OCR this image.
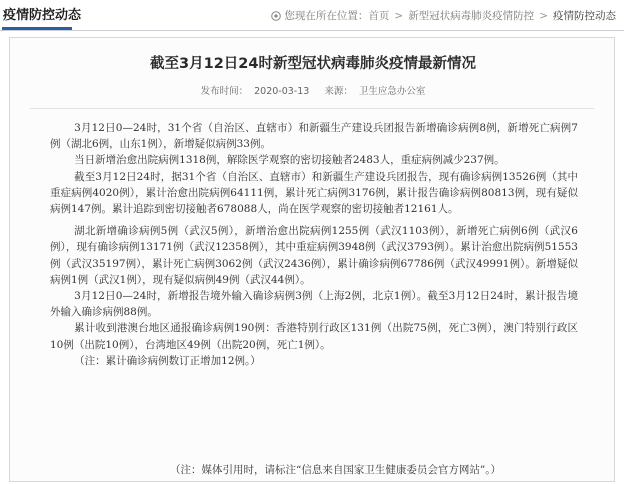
疫情防控动态	您现在所在位置： 首页 > 新型冠状病毒肺炎疫情防控 > 疫情防控动态
截至3月12日24时新型冠状病毒肺炎疫情最新情况
发布时间： 2020-03-13 来源： 卫生应急办公室

3月12日0—24时，31个省（自治区、直辖市）和新疆生产建设兵团报告新增确诊病例8例，新增死亡病例7例（湖北6例，山东1例），新增疑似病例33例。

当日新增治愈出院病例1318例，解除医学观察的密切接触者2483人，重症病例减少237例。

截至3月12日24时，据31个省（自治区、直辖市）和新疆生产建设兵团报告，现有确诊病例13526例（其中重症病例4020例），累计治愈出院病例64111例，累计死亡病例3176例，累计报告确诊病例80813例，现有疑似病例147例。累计追踪到密切接触者678088人，尚在医学观察的密切接触者12161人。

湖北新增确诊病例5例（武汉5例），新增治愈出院病例1255例（武汉1103例），新增死亡病例6例（武汉6例），现有确诊病例13171例（武汉12358例），其中重症病例3948例（武汉3793例）。累计治愈出院病例51553例（武汉35197例），累计死亡病例3062例（武汉2436例），累计确诊病例67786例（武汉49991例）。新增疑似病例1例（武汉1例），现有疑似病例49例（武汉44例）。

3月12日0—24时，新增报告境外输入确诊病例3例（上海2例，北京1例）。截至3月12日24时，累计报告境外输入确诊病例88例。

累计收到港澳台地区通报确诊病例190例：香港特别行政区131例（出院75例，死亡3例），澳门特别行政区10例（出院10例），台湾地区49例（出院20例，死亡1例）。

（注：累计确诊病例数订正增加12例。）

（注：媒体引用时，请标注“信息来自国家卫生健康委员会官方网站”。）
